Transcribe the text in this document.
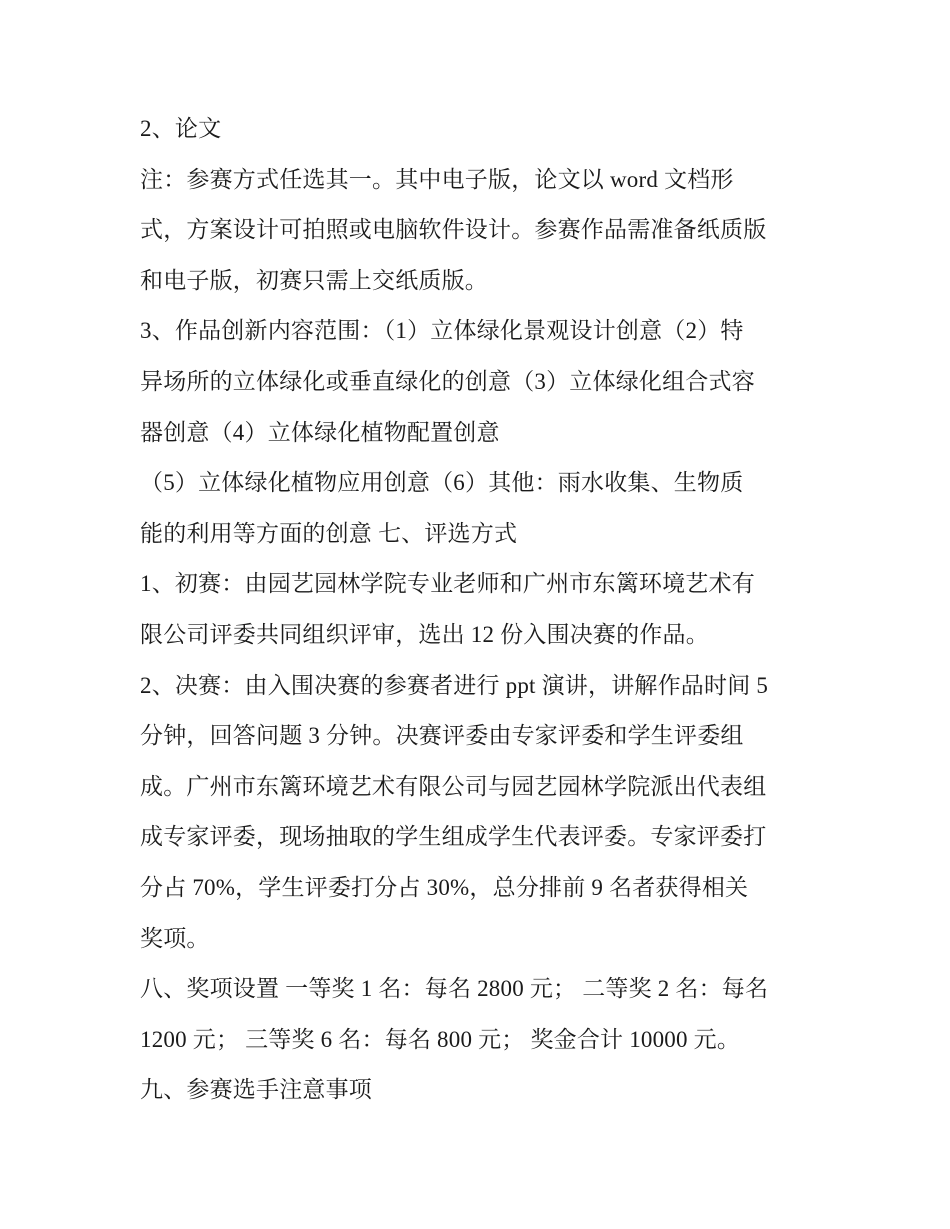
2、论文
注：参赛方式任选其一。其中电子版，论文以 word 文档形
式，方案设计可拍照或电脑软件设计。参赛作品需准备纸质版
和电子版，初赛只需上交纸质版。
3、作品创新内容范围：（1）立体绿化景观设计创意（2）特
异场所的立体绿化或垂直绿化的创意（3）立体绿化组合式容
器创意（4）立体绿化植物配置创意
（5）立体绿化植物应用创意（6）其他：雨水收集、生物质
能的利用等方面的创意 七、评选方式
1、初赛：由园艺园林学院专业老师和广州市东篱环境艺术有
限公司评委共同组织评审，选出 12 份入围决赛的作品。
2、决赛：由入围决赛的参赛者进行 ppt 演讲，讲解作品时间 5
分钟，回答问题 3 分钟。决赛评委由专家评委和学生评委组
成。广州市东篱环境艺术有限公司与园艺园林学院派出代表组
成专家评委，现场抽取的学生组成学生代表评委。专家评委打
分占 70%，学生评委打分占 30%，总分排前 9 名者获得相关
奖项。
八、奖项设置 一等奖 1 名：每名 2800 元； 二等奖 2 名：每名
1200 元； 三等奖 6 名：每名 800 元； 奖金合计 10000 元。
九、参赛选手注意事项
